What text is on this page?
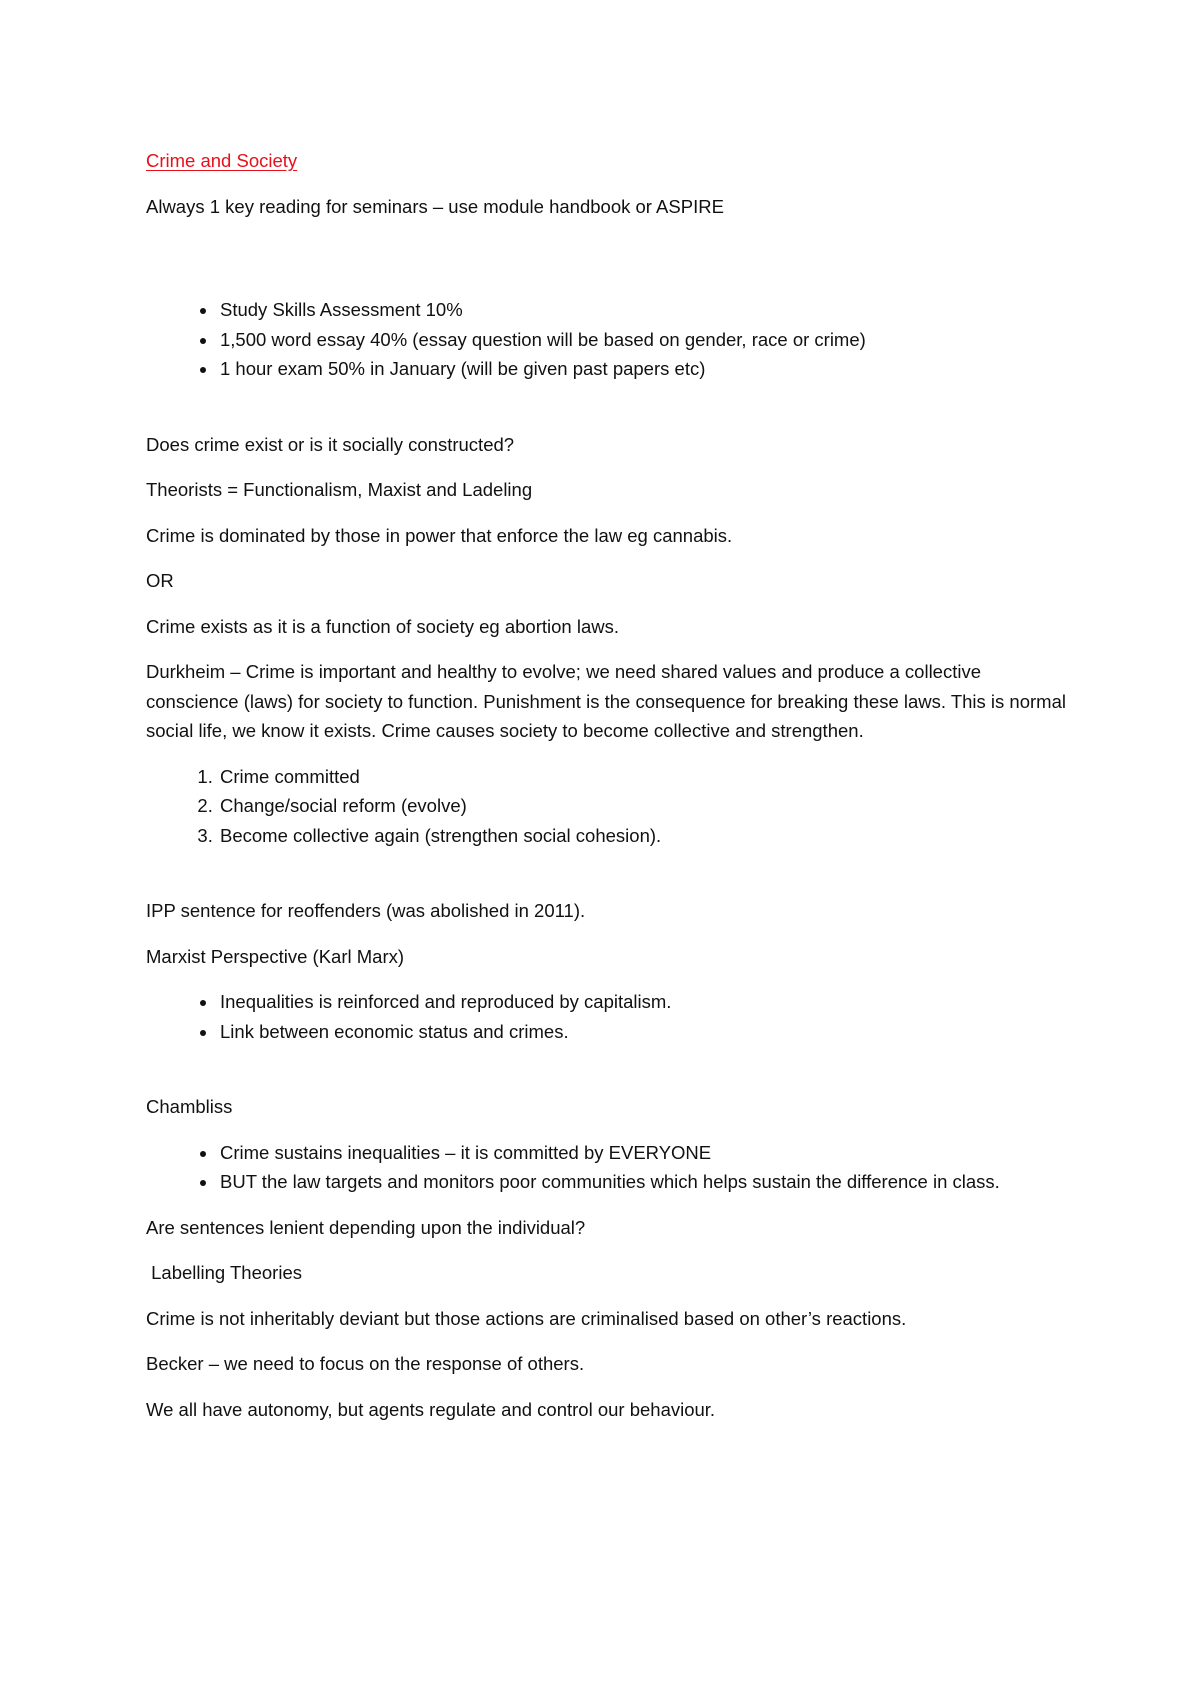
Crime and Society

Always 1 key reading for seminars – use module handbook or ASPIRE

• Study Skills Assessment 10%
• 1,500 word essay 40% (essay question will be based on gender, race or crime)
• 1 hour exam 50% in January (will be given past papers etc)

Does crime exist or is it socially constructed?

Theorists = Functionalism, Maxist and Ladeling

Crime is dominated by those in power that enforce the law eg cannabis.

OR

Crime exists as it is a function of society eg abortion laws.

Durkheim – Crime is important and healthy to evolve; we need shared values and produce a collective conscience (laws) for society to function. Punishment is the consequence for breaking these laws. This is normal social life, we know it exists. Crime causes society to become collective and strengthen.

1. Crime committed
2. Change/social reform (evolve)
3. Become collective again (strengthen social cohesion).

IPP sentence for reoffenders (was abolished in 2011).

Marxist Perspective (Karl Marx)

• Inequalities is reinforced and reproduced by capitalism.
• Link between economic status and crimes.

Chambliss

• Crime sustains inequalities – it is committed by EVERYONE
• BUT the law targets and monitors poor communities which helps sustain the difference in class.

Are sentences lenient depending upon the individual?

Labelling Theories

Crime is not inheritably deviant but those actions are criminalised based on other’s reactions.

Becker – we need to focus on the response of others.

We all have autonomy, but agents regulate and control our behaviour.
